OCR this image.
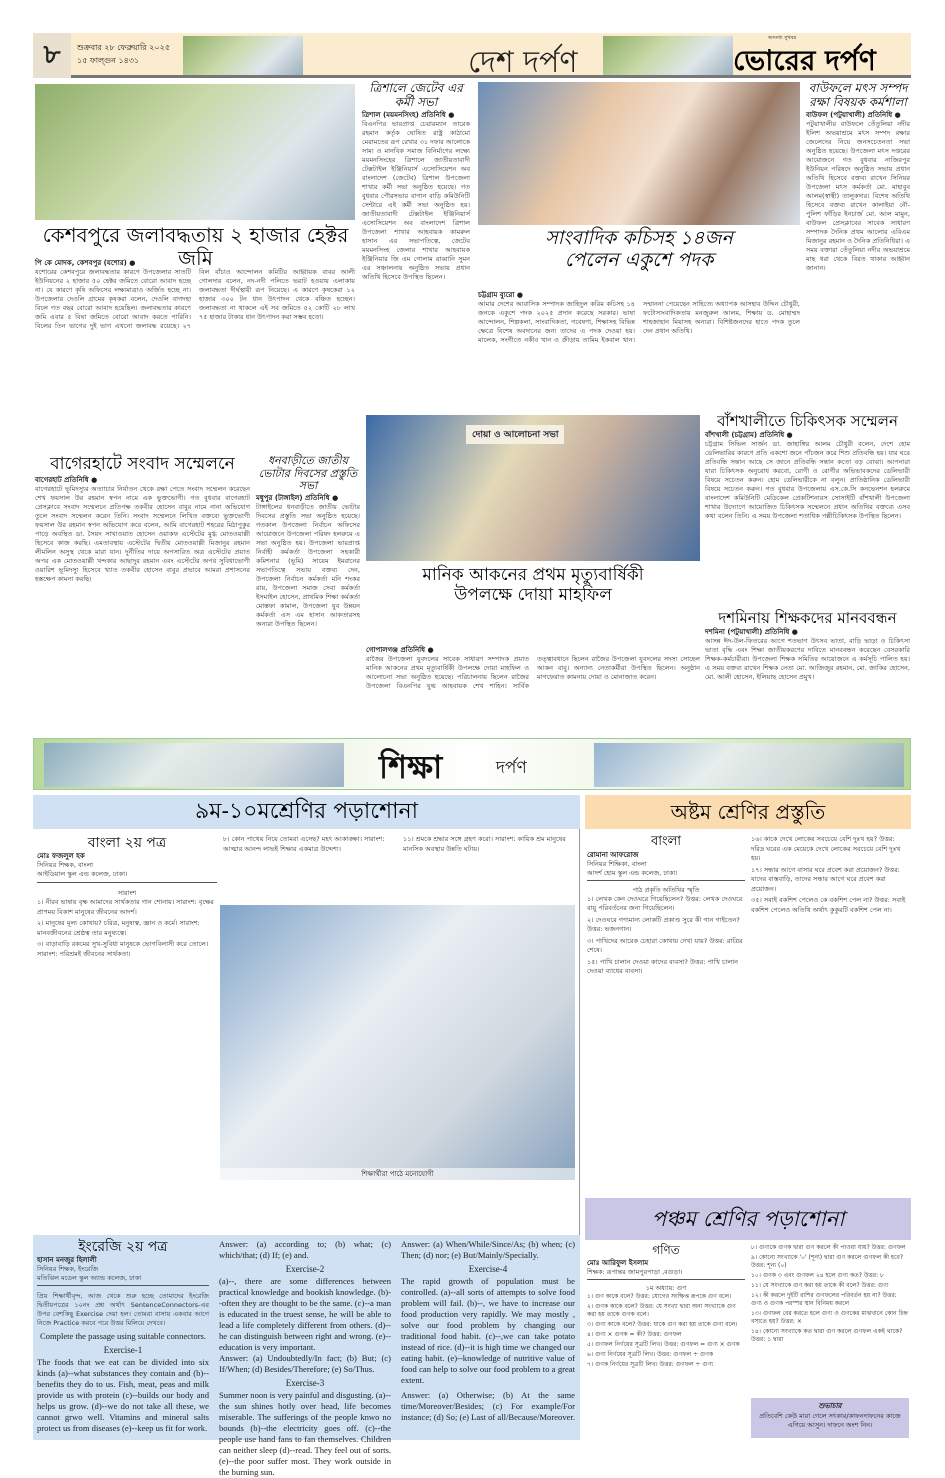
৮	শুক্রবার ২৮ ফেব্রুয়ারি ২০২৫
১৫ ফাল্গুন ১৪৩১	দেশ দর্পণ
অসংখ্য সুখবর
ভোরের দর্পণ
কেশবপুরে জলাবদ্ধতায় ২ হাজার হেক্টর জমি
পি কে মোদক, কেশবপুর (যশোর) ●
যশোরের কেশবপুরে জলাবদ্ধতার কারণে উপজেলার সাতটি ইউনিয়নের ২ হাজার ৫০ হেক্টর জমিতে বোরো আবাদ হচ্ছে না। যে কারণে কৃষি অফিসের লক্ষ্যমাত্রাও অর্জিত হচ্ছে না। উপজেলার দেওলি গ্রামের কৃষকরা বলেন, দেওলি বাগদহা বিলে গত বছর বোরো আবাদ হয়েছিল। জলাবদ্ধতার কারণে জমি এবার ৫ বিঘা জমিতে বোরো আবাদ করতে পারিনি। বিলের তিন ভাগের দুই ভাগ এখনো জলাবদ্ধ রয়েছে। ২৭ বিল বাঁচাও আন্দোলন কমিটির আহ্বায়ক বাবর আলী গোলদার বলেন, নদ-নদী পলিতে ভরাট হওয়ায় এলাকায় জলাবদ্ধতা দীর্ঘস্থায়ী রূপ নিয়েছে। এ কারণে কৃষকেরা ১২ হাজার ৩০০ টন ধান উৎপাদন থেকে বঞ্চিত হচ্ছেন। জলাবদ্ধতা না থাকলে এই সব জমিতে ৫২ কোটি ২৮ লাখ ৭৫ হাজার টাকার ধান উৎপাদন করা সম্ভব হতো।
ত্রিশালে জেটেব এর কর্মী সভা
ত্রিশাল (ময়মনসিংহ) প্রতিনিধি ●
বিএনপির ভারপ্রাপ্ত চেয়ারম্যান তারেক রহমান কর্তৃক ঘোষিত রাষ্ট্র কাঠামো মেরামতের রূপ রেখার ৩১ দফার আলোকে সাম্য ও মানবিক সমাজ বিনির্মাণের লক্ষ্যে ময়মনসিংহের ত্রিশালে জাতীয়তাবাদী টেক্সটাইল ইঞ্জিনিয়ার্স এসোসিয়েশন অব বাংলাদেশ (জেটেব) ত্রিশাল উপজেলা শাখার কর্মী সভা অনুষ্ঠিত হয়েছে। গত বুধবার পৌরসভার বাগান বাড়ি কমিউনিটি সেন্টারে এই কর্মী সভা অনুষ্ঠিত হয়। জাতীয়তাবাদী টেক্সটাইল ইঞ্জিনিয়ার্স এসোসিয়েশন অব বাংলাদেশ ত্রিশাল উপজেলা শাখার আহবায়ক কামরুল হাসান এর সভাপতিত্বে, জেটেব ময়মনসিংহ জেলার শাখার আহবায়ক ইঞ্জিনিয়ার জি এম গোলাম রাব্বানি সুমন এর সঞ্চালনায় অনুষ্ঠিত সভায় প্রধান অতিথি হিসেবে উপস্থিত ছিলেন।
সাংবাদিক কচিসহ ১৪জন
পেলেন একুশে পদক
চট্টগ্রাম ব্যুরো ●
আমার দেশের আবাসিক সম্পাদক জাহিদুল করিম কচিসহ ১৪ জনকে একুশে পদক ২০২৫ প্রদান করেছে সরকার। ভাষা আন্দোলন, শিল্পকলা, সাংবাদিকতা, গবেষণা, শিক্ষাসহ বিভিন্ন ক্ষেত্রে বিশেষ অবদানের জন্য তাদের এ পদক দেওয়া হয়। মালেক, সংগীতে নকীব খান ও ক্রীড়ায় তামিম ইকবাল খান। সম্মাননা পেয়েছেন সাহিত্যে অধ্যাপক আসহাব উদ্দিন চৌধুরী, ফটোসাংবাদিকতায় মনজুরুল আলম, শিক্ষায় ড. মোহাম্মদ শাহজাহান মিয়াসহ অন্যরা। বিশিষ্টজনদের হাতে পদক তুলে দেন প্রধান অতিথি।
বাউফলে মৎস সম্পদ রক্ষা বিষয়ক কর্মশালা
বাউফল (পটুয়াখালী) প্রতিনিধি ●
পটুয়াখালীর বাউফলে তেঁতুলিয়া নদীর ইলিশ অভয়াশ্রমে মৎস সম্পদ রক্ষার জেলেদের নিয়ে জনসচেতনতা সভা অনুষ্ঠিত হয়েছে। উপজেলা মৎস দপ্তরের আয়োজনে গত বুধবার নাজিরপুর ইউনিয়ন পরিষদে অনুষ্ঠিত সভায় প্রধান অতিথি হিসেবে বক্তব্য রাখেন সিনিয়র উপজেলা মৎস কর্মকর্তা মো. মাহাবুব আলম(স্বাস্থী) তালুকদার। বিশেষ অতিথি হিসেবে বক্তব্য রাখেন কালাইয়া নৌ-পুলিশ ফাঁড়ির ইনচার্জ মো. আল মামুন, বাউফল প্রেসক্লাবের সাবেক সাধারণ সম্পাদক দৈনিক প্রথম আলোর এবিএম মিজানুর রহমান ও দৈনিক প্রতিনিধিরা। এ সময় বক্তারা তেঁতুলিয়া নদীর অভয়াশ্রমে মাছ ধরা থেকে বিরত থাকার আহ্বান জানান।
বাগেরহাটে সংবাদ সম্মেলনে
বাগেরহাট প্রতিনিধি ●
বাগেরহাটে ভূমিদস্যুর অত্যাচার নির্যাতন থেকে রক্ষা পেতে সংবাদ সম্মেলন করেছেন শেখ ফয়সাল উর রহমান স্বপন নামে এক ভুক্তভোগী। গত বুধবার বাগেরহাট প্রেসক্লাবে সংবাদ সম্মেলনে প্রতিপক্ষ তকবীর হোসেন বাবুর নামে নানা অভিযোগ তুলে সংবাদ সম্মেলন করেন তিনি। সংবাদ সম্মেলনে লিখিত বক্তব্যে ভুক্তভোগী ফয়সাল উর রহমান স্বপন অভিযোগ করে বলেন, আমি বাগেরহাট শহরের মিঠাপুকুর পাড়ে অবস্থিত ডা. সৈয়দ সাখাওয়াত হোসেন ওয়াকফ এস্টেটের মুগ্ধ মোতওয়াল্লী হিসেবে কাজ করছি। এমতাবস্থায় এস্টেটের দ্বিতীয় মোতওয়াল্লী মিজানুর রহমান লীমলিন অসুস্থ থেকে মারা যান। দুর্নীতির দায়ে অপসারিত অত্র এস্টেটের প্রয়াত অপর এক মোতওয়াল্লী খন্দকার আছাদুর রহমান এবং এস্টেটের অপর সুবিধাভোগী ওয়ারিশ ভূমিদস্যু হিসেবে খ্যাত তকবীর হোসেন বাবুর প্রভাবে আমরা প্রশাসনের হস্তক্ষেপ কামনা করছি।
ধনবাড়ীতে জাতীয় ভোটার দিবসের প্রস্তুতি সভা
মধুপুর (টাঙ্গাইল) প্রতিনিধি ●
টাঙ্গাইলের ধনবাড়ীতে জাতীয় ভোটার দিবসের প্রস্তুতি সভা অনুষ্ঠিত হয়েছে। গতকাল উপজেলা নির্বাচন অফিসের আয়োজনে উপজেলা পরিষদ হলরুমে এ সভা অনুষ্ঠিত হয়। উপজেলা ভারপ্রাপ্ত নির্বাহী কর্মকর্তা উপজেলা সহকারী কমিশনার (ভূমি) সায়েম ইমরানের সভাপতিত্বে সভায় বক্তব্য দেন, উপজেলা নির্বাচন কর্মকর্তা মনি শংকর রায়, উপজেলা সমাজ সেবা কর্মকর্তা ইসমাইল হোসেন, প্রাথমিক শিক্ষা কর্মকর্তা মোস্তফা কামাল, উপজেলা যুব উন্নয়ন কর্মকর্তা এস এম হাসান আকতারসহ অন্যরা উপস্থিত ছিলেন।
দোয়া ও আলোচনা সভা
মানিক আকনের প্রথম মৃত্যুবার্ষিকী
উপলক্ষে দোয়া মাহফিল
গোপালগঞ্জ প্রতিনিধি ●
রাজৈর উপজেলা যুবদলের সাবেক সাধারণ সম্পাদক প্রয়াত মানিক আকনের প্রথম মৃত্যুবার্ষিকী উপলক্ষে দোয়া মাহফিল ও আলোচনা সভা অনুষ্ঠিত হয়েছে। পরিচালনায় ছিলেন রাজৈর উপজেলা বিএনপির যুগ্ম আহবায়ক শেখ শাহিন। সার্বিক তত্ত্বাবধানে ছিলেন রাজৈর উপজেলা যুবদলের সদস্য সোহেল আকন বাবু। অন্যান্য নেতাকর্মীরা উপস্থিত ছিলেন। অনুষ্ঠান মাগফেরাত কামনায় দোয়া ও মোনাজাত করেন।
বাঁশখালীতে চিকিৎসক সম্মেলন
বাঁশখালী (চট্টগ্রাম) প্রতিনিধি ●
চট্টগ্রাম সিভিল সার্জন ডা. জাহাঙ্গির আলম চৌধুরী বলেন, দেশে হোম ডেলিভারির কারণে প্রতি একশো জনে পাঁচজন করে শিশু প্রতিবন্ধি হয়। যার ঘরে প্রতিবন্ধি সন্তান আছে সে জানে প্রতিবন্ধি সন্তান কতো বড় বোঝা। আপনারা যারা চিকিৎসক অনুরোধ করবো, রোগী ও রোগীর অভিভাবকদের ডেলিভারী বিষয়ে সচেতন করুন। হোম ডেলিভারীকে না বলুন। প্রাতিষ্ঠানিক ডেলিভারী বিষয়ে সচেতন করুন। গত বুধবার উপজেলায় এস.কে.সি কনভেনশন হলরুমে বাংলাদেশ কমিউনিটি মেডিকেল প্রেকটিশনারস সোসাইটি বাঁশখালী উপজেলা শাখার উদ্যোগে আয়োজিত চিকিৎসক সম্মেলনে প্রধান অতিথির বক্তব্যে এসব কথা বলেন তিনি। এ সময় উপজেলা শতাধিক পল্লীচিকিৎসক উপস্থিত ছিলেন।
দশমিনায় শিক্ষকদের মানববন্ধন
দশমিনা (পটুয়াখালী) প্রতিনিধি ●
আসন্ন ঈদ-উল-ফিতরের আগে শতভাগ উৎসব ভাতা, বাড়ি ভাড়া ও চিকিৎসা ভাতা বৃদ্ধি এবং শিক্ষা জাতীয়করণের দাবিতে মানববন্ধন করেছেন বেসরকারি শিক্ষক-কর্মচারীরা। উপজেলা শিক্ষক সমিতির আয়োজনে এ কর্মসূচি পালিত হয়। এ সময় বক্তব্য রাখেন শিক্ষক নেতা মো. আজিজুর রহমান, মো. জাকির হোসেন, মো. আলী হোসেন, ইলিয়াছ হোসেন প্রমুখ।
শিক্ষা	দর্পণ
৯ম-১০মশ্রেণির পড়াশোনা
বাংলা ২য় পত্র
মোঃ ফজলুল হক
সিনিয়র শিক্ষক, বাংলা
আইডিয়াল স্কুল এন্ড কলেজ, ঢাকা।
সারাংশ

১। নীরব ভাষায় বৃক্ষ আমাদের সার্থকতার গান শোনায়। সারাংশ: বৃক্ষের প্রাণময় বিকাশ মানুষের জীবনের আদর্শ।

২। মানুষের মূল্য কোথায়? চরিত্র, মনুষ্যত্ব, জ্ঞান ও কর্মে। সারাংশ: মানবজীবনের শ্রেষ্ঠত্ব তার মনুষ্যত্বে।

৩। বাড়াবাড়ি রকমের সুখ-সুবিধা মানুষকে ভোগবিলাসী করে তোলে। সারাংশ: পরিশ্রমই জীবনের সার্থকতা।

৮। কোন পাথেয় নিয়ে তোমরা এসেছ? মহৎ আকাঙ্ক্ষা। সারাংশ: আত্মার আনন্দ লাভই শিক্ষার একমাত্র উদ্দেশ্য।

১১। শ্রমকে শ্রদ্ধার সঙ্গে গ্রহণ করো। সারাংশ: কায়িক শ্রম মানুষের মানসিক অবস্থার উন্নতি ঘটায়।

শিক্ষার্থীরা পাঠে মনোযোগী
ইংরেজি ২য় পত্র
হাসান মনজুর হিলালী
সিনিয়র শিক্ষক, ইংরেজি
মতিঝিল মডেল স্কুল অ্যান্ড কলেজ, ঢাকা
প্রিয় শিক্ষার্থীবৃন্দ, আজ থেকে শুরু হচ্ছে তোমাদের ইংরেজি দ্বিতীয়পত্রের ১০নং প্রশ্ন অর্থাৎ SentenceConnectors-এর উপর বেশকিছু Exercise দেয়া হল। তোমরা বাসায় একবার আগে নিজে Practice করবে পরে উত্তর মিলিয়ে দেখবে।
Complete the passage using suitable connectors.
Exercise-1
The foods that we eat can be divided into six kinds (a)--what substances they contain and (b)--benefits they do to us. Fish, meat, peas and milk provide us with protein (c)--builds our body and helps us grow. (d)--we do not take all these, we cannot grwo well. Vitamins and mineral salts protect us from diseases (e)--keep us fit for work.
Answer: (a) according to; (b) what; (c) which/that; (d) If; (e) and.
Exercise-2
(a)--, there are some differences between practical knowledge and bookish knowledge. (b)--often they are thought to be the same. (c)--a man is educated in the truest sense, he will be able to lead a life completely different from others. (d)--he can distinguish between right and wrong. (e)--education is very important.
Answer: (a) Undoubtedly/In fact; (b) But; (c) If/When; (d) Besides/Therefore; (e) So/Thus.
Exercise-3
Summer noon is very painful and disgusting. (a)--the sun shines hotly over head, life becomes miserable. The sufferings of the people knwo no bounds (b)--the electricity goes off. (c)--the people use hand fans to fan themselves. Children can neither sleep (d)--read. They feel out of sorts. (e)--the poor suffer most. They work outside in the burning sun.
Answer: (a) When/While/Since/As; (b) when; (c) Then; (d) nor; (e) But/Mainly/Specially.
Exercise-4
The rapid growth of population must be controlled. (a)--all sorts of attempts to solve food problem will fail. (b)--, we have to increase our food production very rapidly. We may mostly , solve our food problem by changing our traditional food habit. (c)--,we can take potato instead of rice. (d)--it is high time we changed our eating habit. (e)--knowledge of nutritive value of food can help to solve our food problem to a great extent.
Answer: (a) Otherwise; (b) At the same time/Moreover/Besides; (c) For example/For instance; (d) So; (e) Last of all/Because/Moreover.
অষ্টম শ্রেণির প্রস্তুতি
বাংলা
রোমানা আফরোজ
সিনিয়র শিক্ষিকা, বাংলা
আদর্শ হোম স্কুল এন্ড কলেজ, ঢাকা।
পাঠ প্রকৃতি অতিথির স্মৃতি

১। লেখক কেন দেওঘরে গিয়েছিলেন? উত্তর: লেখক দেওঘরে বায়ু পরিবর্তনের জন্য গিয়েছিলেন।

২। দেওঘরে গণ্যমান্য লোকটি প্রকাণ্ড সুরে কী গান গাইতেন? উত্তর: ভজনগান।

৩। পাখিদের আরেক চেহারা কোথায় দেখা যায়? উত্তর: রাত্রির শেষে।

১৫। পাখি চালান দেওয়া কাদের ব্যবসা? উত্তর: পাখি চালান দেওয়া ব্যাধের ব্যবসা।

১৬। কাকে দেখে লোকের সবচেয়ে বেশি দুঃখ হয়? উত্তর: দরিদ্র ঘরের এক মেয়েকে দেখে লোকের সবচেয়ে বেশি দুঃখ হয়।

১৭। সন্ধার আগে বাসার ঘরে প্রবেশ করা প্রয়োজন? উত্তর: যাদের বাস্তবাড়ি, তাদের সন্ধার আগে ঘরে প্রবেশ করা প্রয়োজন।

৩৫। সবাই বকশিশ পেলেও কে বকশিশ পেল না? উত্তর: সবাই বকশিশ পেলেও অতিথি অর্থাৎ কুকুরটি বকশিশ পেল না।

পঞ্চম শ্রেণির পড়াশোনা
গণিত
মোঃ আরিফুল ইসলাম
শিক্ষক: রূপান্তর জামপুরপাড়া ,বগুড়া।
১ম অধ্যায়: গুণ

১। গুণ কাকে বলে? উত্তর: যোগের সংক্ষিপ্ত রূপকে গুণ বলে।

২। গুণক কাকে বলে? উত্তর: যে সংখ্যা দ্বারা অন্য সংখ্যাকে গুণ করা হয় তাকে গুণক বলে।

৩। গুণ্য কাকে বলে? উত্তর: যাকে গুণ করা হয় তাকে গুণ্য বলে।

৪। গুণ্য × গুণক = কী? উত্তর: গুণফল

৫। গুণফল নির্ণয়ের সূত্রটি লিখ। উত্তর: গুণফল = গুণ্য × গুণক

৬। গুণ্য নির্ণয়ের সূত্রটি লিখ। উত্তর: গুণফল ÷ গুণক

৭। গুণক নির্ণয়ের সূত্রটি লিখ। উত্তর: গুণফল ÷ গুণ্য

৮। গুণ্যকে গুণক দ্বারা গুণ করলে কী পাওয়া যায়? উত্তর: গুণফল

৯। কোনো সংখ্যাকে '০' (শূন্য) দ্বারা গুণ করলে গুণফল কী হবে? উত্তর: শূন্য (০)

১০। গুণক ৩ এবং গুণফল ২৪ হলে গুণ্য কত? উত্তর: ৮

১১। যে সংখ্যাকে গুণ করা হয় তাকে কী বলে? উত্তর: গুণ্য

১২। কী করলে দুইটি রাশির গুণফলের পরিবর্তন হয় না? উত্তর: গুণ্য ও গুণক পরস্পর স্থান বিনিময় করলে

১৩। গুণফল বের করতে হলে গুণ্য ও গুণকের মাঝখানে কোন চিহ্ন বসাতে হয়? উত্তর: ×

১৪। কোনো সংখ্যাকে কত দ্বারা গুণ করলে গুণফল একই থাকে? উত্তর: ১ দ্বারা

শুভাচার
প্রতিবেশি কেউ মারা গেলে সৎকার/কাফনদাফনের কাজে এগিয়ে আসুন। দাফনে অংশ নিন।
